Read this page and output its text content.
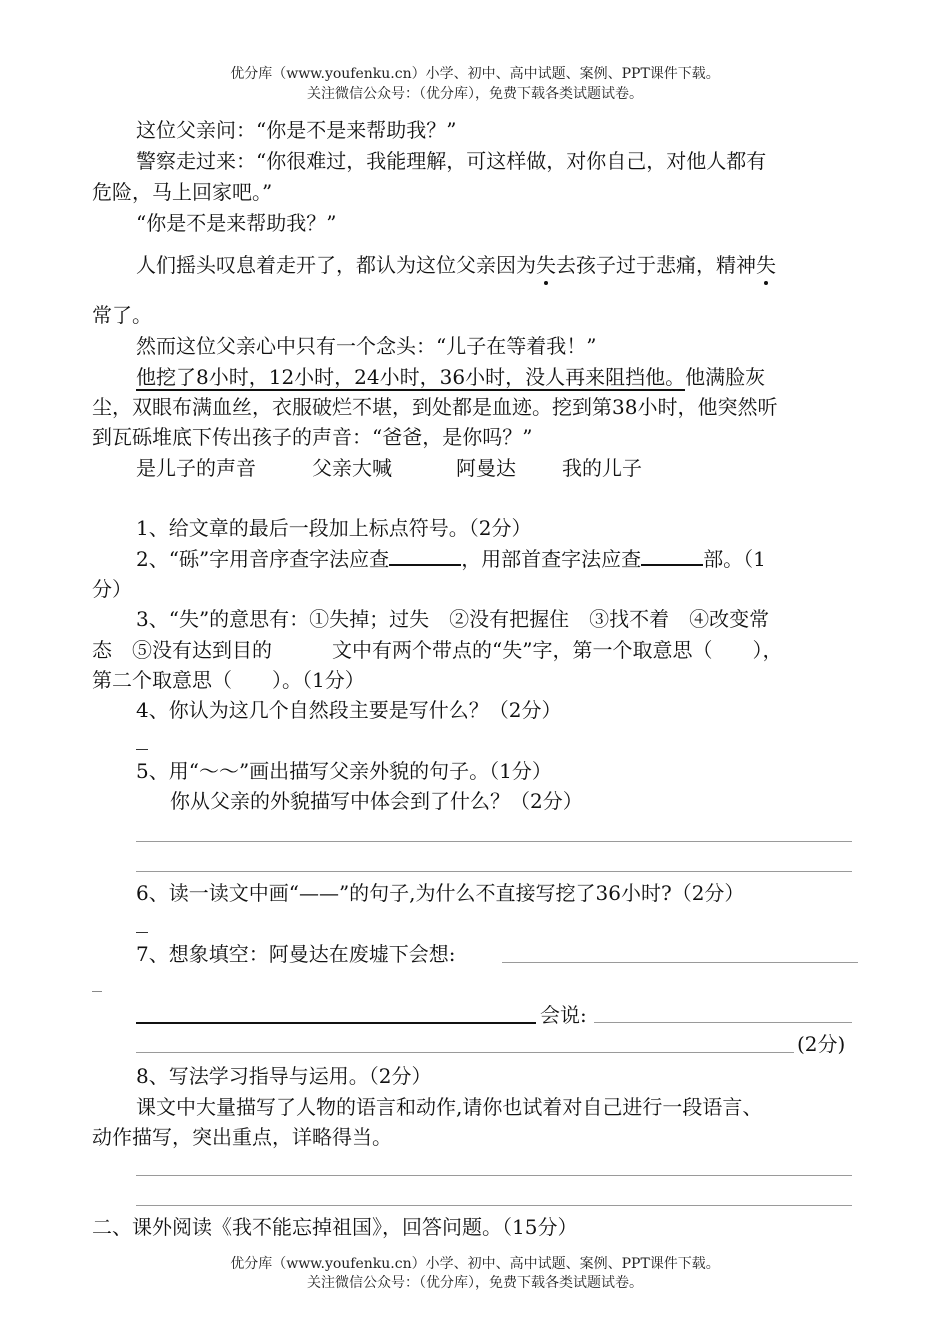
优分库（www.youfenku.cn）小学、初中、高中试题、案例、PPT课件下载。
关注微信公众号：（优分库），免费下载各类试题试卷。
这位父亲问：“你是不是来帮助我？”
警察走过来：“你很难过，我能理解，可这样做，对你自己，对他人都有
危险，马上回家吧。”
“你是不是来帮助我？”
人们摇头叹息着走开了，都认为这位父亲因为失去孩子过于悲痛，精神失
常了。
然而这位父亲心中只有一个念头：“儿子在等着我！”
他挖了8小时，12小时，24小时，36小时，没人再来阻挡他。他满脸灰
尘，双眼布满血丝，衣服破烂不堪，到处都是血迹。挖到第38小时，他突然听
到瓦砾堆底下传出孩子的声音：“爸爸，是你吗？”
是儿子的声音	父亲大喊	阿曼达 我的儿子
1、给文章的最后一段加上标点符号。（2分）
2、“砾”字用音序查字法应查	，用部首查字法应查	部。（1
分）
3、“失”的意思有：①失掉；过失　②没有把握住　③找不着　④改变常
态　⑤没有达到目的　　　文中有两个带点的“失”字，第一个取意思（　　），
第二个取意思（　　）。（1分）
4、你认为这几个自然段主要是写什么？（2分）
5、用“～～”画出描写父亲外貌的句子。（1分）
你从父亲的外貌描写中体会到了什么？（2分）
6、读一读文中画“——”的句子,为什么不直接写挖了36小时?（2分）
7、想象填空：阿曼达在废墟下会想:
会说:
(2分)
8、写法学习指导与运用。（2分）
课文中大量描写了人物的语言和动作,请你也试着对自己进行一段语言、
动作描写，突出重点，详略得当。
二、课外阅读《我不能忘掉祖国》，回答问题。（15分）
优分库（www.youfenku.cn）小学、初中、高中试题、案例、PPT课件下载。
关注微信公众号：（优分库），免费下载各类试题试卷。
